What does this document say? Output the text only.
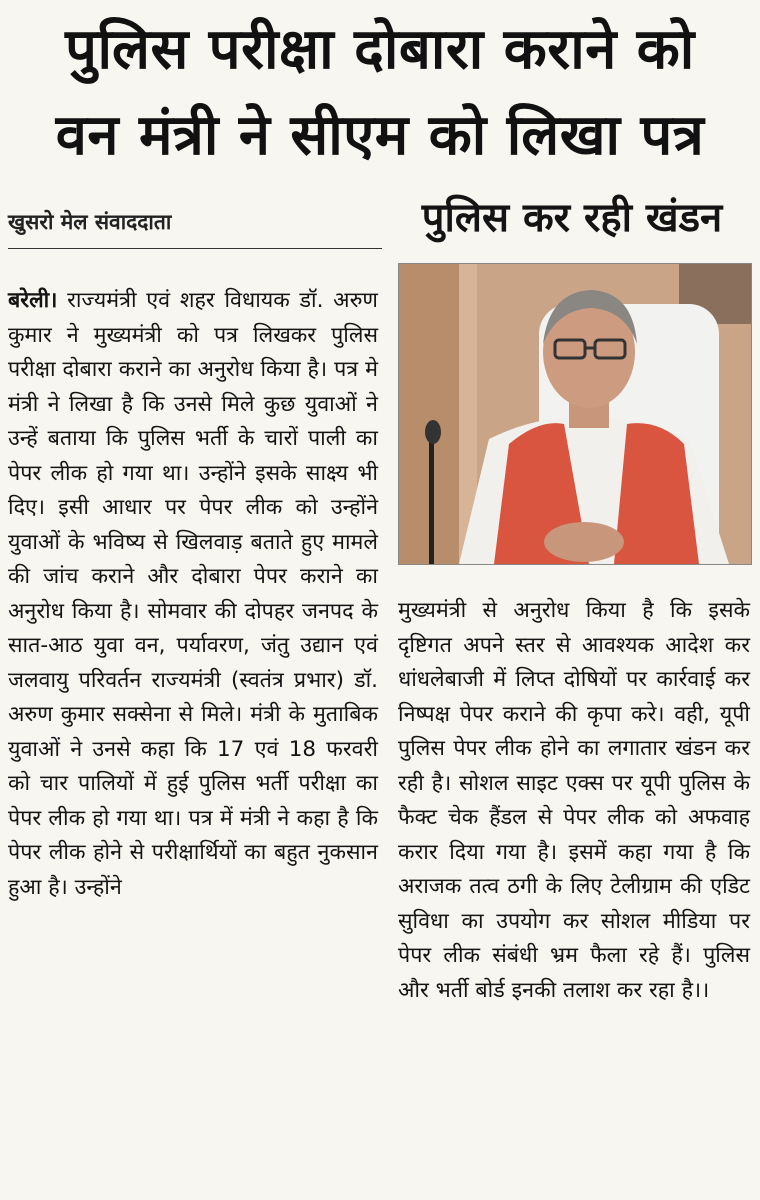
पुलिस परीक्षा दोबारा कराने को
वन मंत्री ने सीएम को लिखा पत्र
खुसरो मेल संवाददाता	पुलिस कर रही खंडन

बरेली। राज्यमंत्री एवं शहर विधायक डॉ. अरुण कुमार ने मुख्यमंत्री को पत्र लिखकर पुलिस परीक्षा दोबारा कराने का अनुरोध किया है। पत्र मे मंत्री ने लिखा है कि उनसे मिले कुछ युवाओं ने उन्हें बताया कि पुलिस भर्ती के चारों पाली का पेपर लीक हो गया था। उन्होंने इसके साक्ष्य भी दिए। इसी आधार पर पेपर लीक को उन्होंने युवाओं के भविष्य से खिलवाड़ बताते हुए मामले की जांच कराने और दोबारा पेपर कराने का अनुरोध किया है। सोमवार की दोपहर जनपद के सात-आठ युवा वन, पर्यावरण, जंतु उद्यान एवं जलवायु परिवर्तन राज्यमंत्री (स्वतंत्र प्रभार) डॉ. अरुण कुमार सक्सेना से मिले। मंत्री के मुताबिक युवाओं ने उनसे कहा कि 17 एवं 18 फरवरी को चार पालियों में हुई पुलिस भर्ती परीक्षा का पेपर लीक हो गया था। पत्र में मंत्री ने कहा है कि पेपर लीक होने से परीक्षार्थियों का बहुत नुकसान हुआ है। उन्होंने

मुख्यमंत्री से अनुरोध किया है कि इसके दृष्टिगत अपने स्तर से आवश्यक आदेश कर धांधलेबाजी में लिप्त दोषियों पर कार्रवाई कर निष्पक्ष पेपर कराने की कृपा करे। वही, यूपी पुलिस पेपर लीक होने का लगातार खंडन कर रही है। सोशल साइट एक्स पर यूपी पुलिस के फैक्ट चेक हैंडल से पेपर लीक को अफवाह करार दिया गया है। इसमें कहा गया है कि अराजक तत्व ठगी के लिए टेलीग्राम की एडिट सुविधा का उपयोग कर सोशल मीडिया पर पेपर लीक संबंधी भ्रम फैला रहे हैं। पुलिस और भर्ती बोर्ड इनकी तलाश कर रहा है।।
